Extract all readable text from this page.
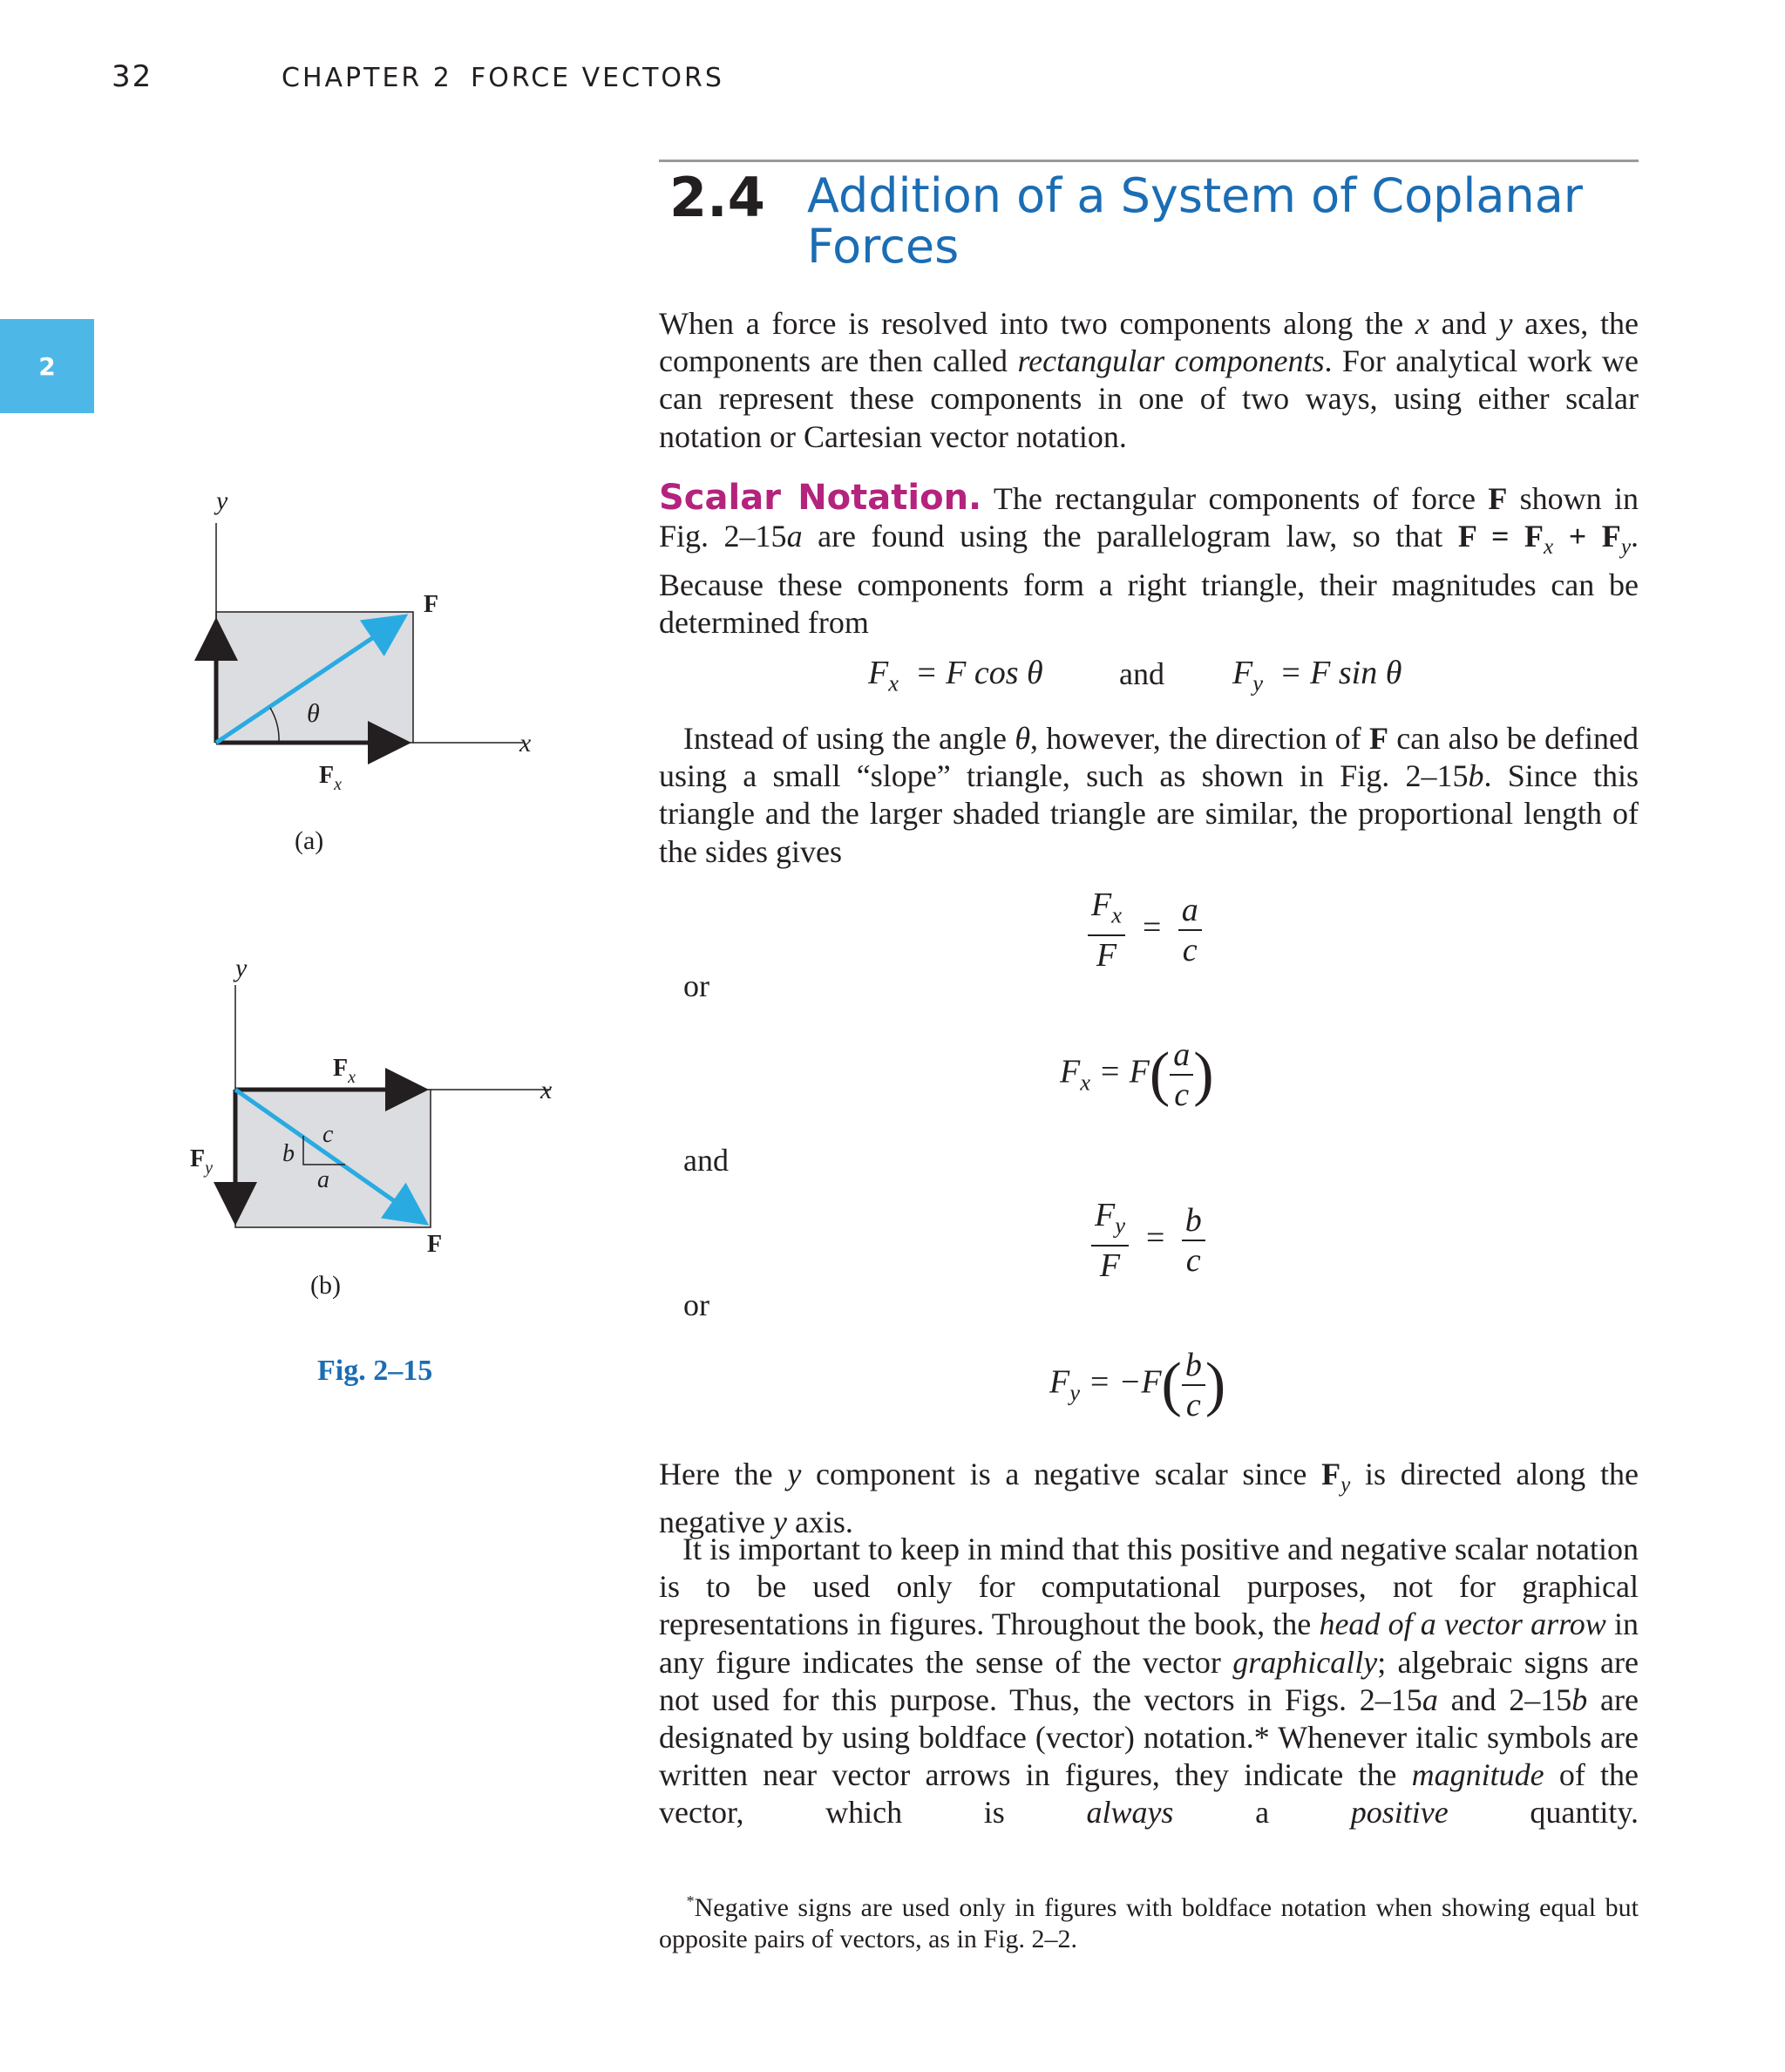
32	CHAPTER 2 FORCE VECTORS
2
2.4 Addition of a System of Coplanar Forces
When a force is resolved into two components along the x and y axes, the components are then called rectangular components. For analytical work we can represent these components in one of two ways, using either scalar notation or Cartesian vector notation.
Scalar Notation. The rectangular components of force F shown in Fig. 2–15a are found using the parallelogram law, so that $F = F_x + F_y$. Because these components form a right triangle, their magnitudes can be determined from
$F_x = F$ cos θ and $F_y = F$ sin θ
Instead of using the angle θ, however, the direction of F can also be defined using a small “slope” triangle, such as shown in Fig. 2–15b. Since this triangle and the larger shaded triangle are similar, the proportional length of the sides gives
$\frac{F_x}{F} = \frac{a}{c}$
or
$F_x = F( \frac{a}{c}$ )
and
$\frac{F_y}{F} = \frac{b}{c}$
or
$F_y = -F( \frac{b}{c}$ )
Here the y component is a negative scalar since $F_y$ is directed along the negative y axis.
It is important to keep in mind that this positive and negative scalar notation is to be used only for computational purposes, not for graphical representations in figures. Throughout the book, the head of a vector arrow in any figure indicates the sense of the vector graphically; algebraic signs are not used for this purpose. Thus, the vectors in Figs. 2–15a and 2–15b are designated by using boldface (vector) notation.* Whenever italic symbols are written near vector arrows in figures, they indicate the magnitude of the vector, which is always a positive quantity.
*Negative signs are used only in figures with boldface notation when showing equal but opposite pairs of vectors, as in Fig. 2–2.
y
x
F
θ
$F_x$
(a)
y
x
$F_x$
$F_y$
c
b
a
F
(b)
Fig. 2–15
